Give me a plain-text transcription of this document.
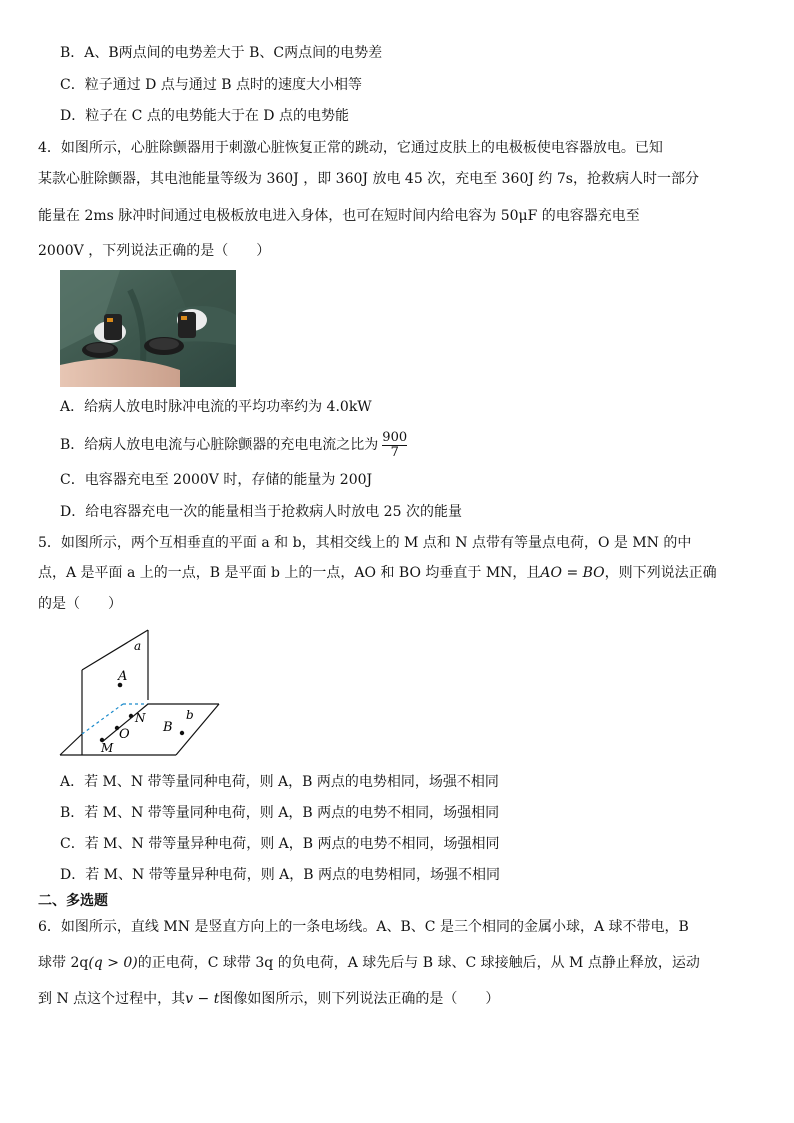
B．A、B两点间的电势差大于 B、C两点间的电势差
C．粒子通过 D 点与通过 B 点时的速度大小相等
D．粒子在 C 点的电势能大于在 D 点的电势能
4．如图所示，心脏除颤器用于刺激心脏恢复正常的跳动，它通过皮肤上的电极板使电容器放电。已知
某款心脏除颤器，其电池能量等级为 360J ，即 360J 放电 45 次，充电至 360J 约 7s，抢救病人时一部分
能量在 2ms 脉冲时间通过电极板放电进入身体，也可在短时间内给电容为 50μF 的电容器充电至
2000V ，下列说法正确的是（　　）
A．给病人放电时脉冲电流的平均功率约为 4.0kW
B．给病人放电电流与心脏除颤器的充电电流之比为 $\frac{900}{7}$
C．电容器充电至 2000V 时，存储的能量为 200J
D．给电容器充电一次的能量相当于抢救病人时放电 25 次的能量
5．如图所示，两个互相垂直的平面 a 和 b，其相交线上的 M 点和 N 点带有等量点电荷，O 是 MN 的中
点，A 是平面 a 上的一点，B 是平面 b 上的一点，AO 和 BO 均垂直于 MN，且AO = BO，则下列说法正确
的是（　　）
a
A
b
B
N
O
M
A．若 M、N 带等量同种电荷，则 A，B 两点的电势相同，场强不相同
B．若 M、N 带等量同种电荷，则 A，B 两点的电势不相同，场强相同
C．若 M、N 带等量异种电荷，则 A，B 两点的电势不相同，场强相同
D．若 M、N 带等量异种电荷，则 A，B 两点的电势相同，场强不相同
二、多选题
6．如图所示，直线 MN 是竖直方向上的一条电场线。A、B、C 是三个相同的金属小球，A 球不带电，B
球带 2q(q > 0)的正电荷，C 球带 3q 的负电荷，A 球先后与 B 球、C 球接触后，从 M 点静止释放，运动
到 N 点这个过程中，其v − t图像如图所示，则下列说法正确的是（　　）
